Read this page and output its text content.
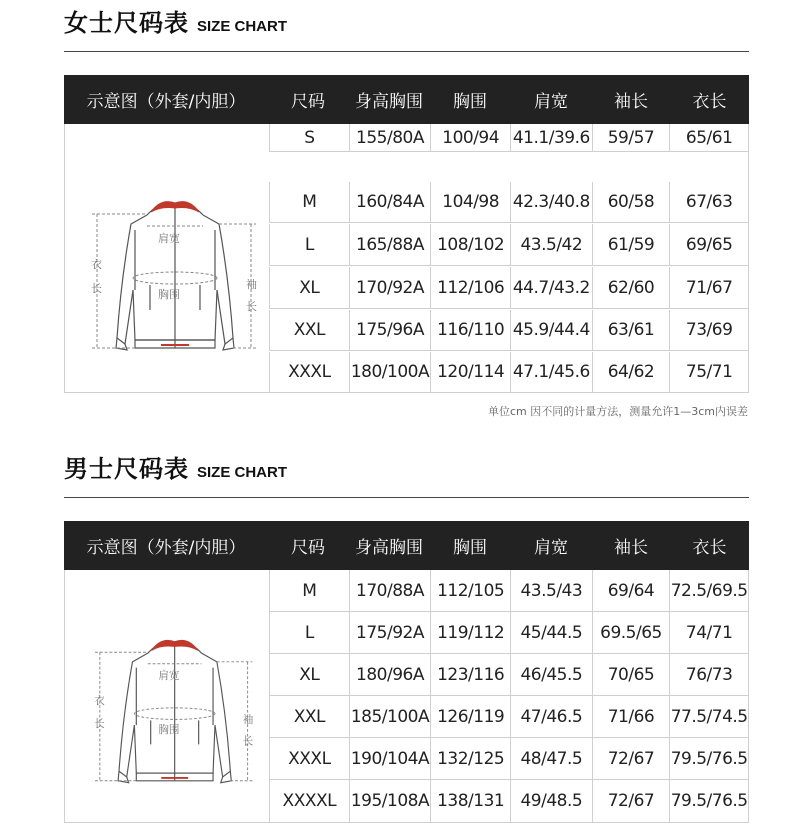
女士尺码表 SIZE CHART
示意图（外套/内胆）	尺码	身高胸围	胸围	肩宽	袖长	衣长
衣
长	袖
长
肩宽
胸围
S	155/80A	100/94 41.1/39.6	59/57	65/61
M	160/84A	104/98 42.3/40.8	60/58	67/63
L	165/88A 108/102 43.5/42	61/59	69/65
XL	170/92A 112/106 44.7/43.2	62/60	71/67
XXL	175/96A 116/110 45.9/44.4	63/61	73/69
XXXL	180/100A 120/114 47.1/45.6	64/62	75/71
单位cm 因不同的计量方法，测量允许1—3cm内误差
男士尺码表 SIZE CHART
示意图（外套/内胆）	尺码	身高胸围	胸围	肩宽	袖长	衣长
衣
长	袖
长
肩宽
胸围
M	170/88A 112/105 43.5/43	69/64 72.5/69.5
L	175/92A 119/112 45/44.5	69.5/65	74/71
XL	180/96A 123/116 46/45.5	70/65	76/73
XXL	185/100A 126/119 47/46.5	71/66 77.5/74.5
XXXL	190/104A 132/125 48/47.5	72/67 79.5/76.5
XXXXL 195/108A 138/131 49/48.5	72/67 79.5/76.5
